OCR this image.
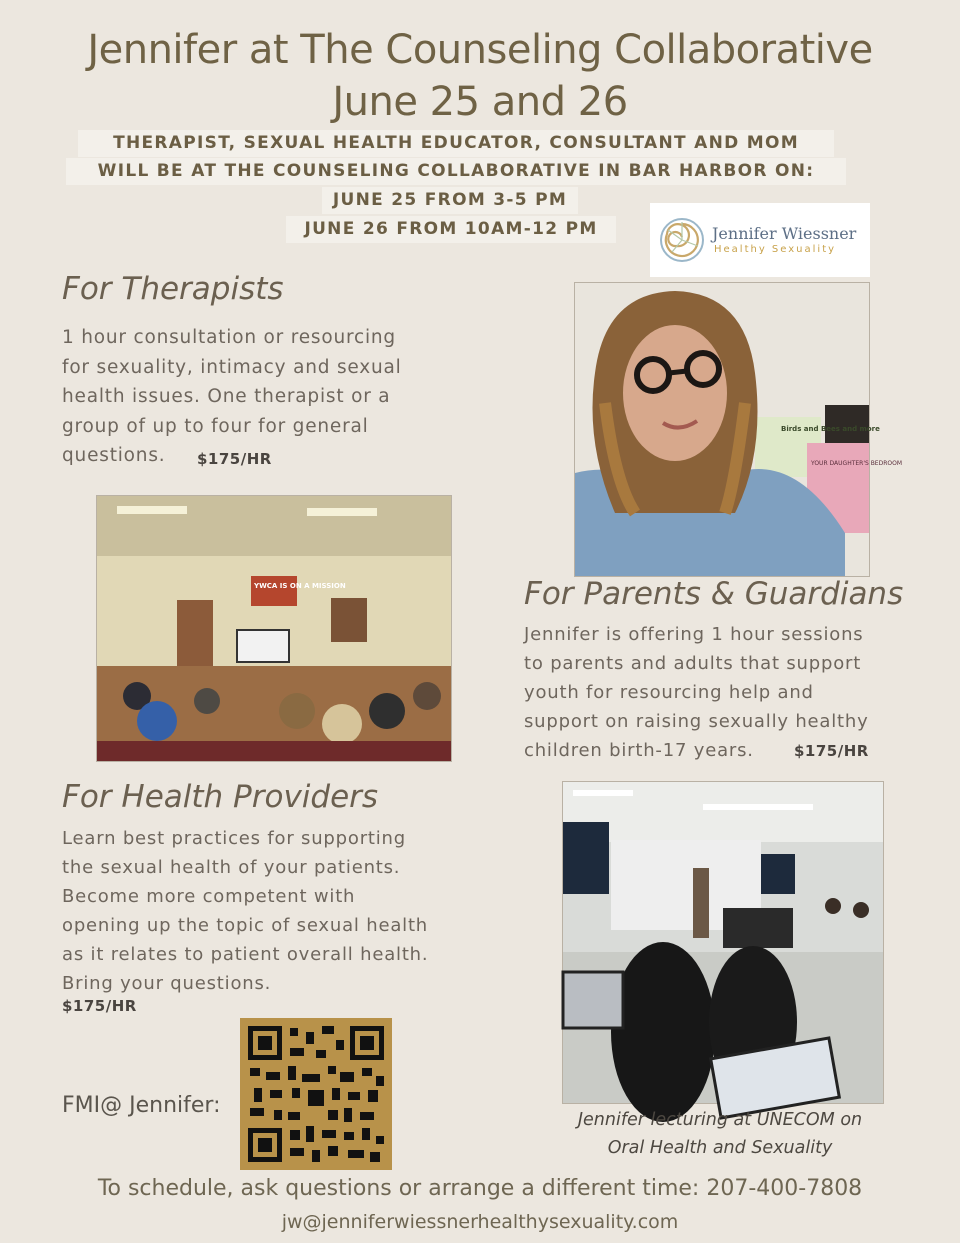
Jennifer at The Counseling Collaborative
June 25 and 26
THERAPIST, SEXUAL HEALTH EDUCATOR, CONSULTANT AND MOM
WILL BE AT THE COUNSELING COLLABORATIVE IN BAR HARBOR ON:
JUNE 25 FROM 3-5 PM
JUNE 26 FROM 10AM-12 PM	Jennifer Wiessner
Healthy Sexuality
For Therapists
1 hour consultation or resourcing
for sexuality, intimacy and sexual
health issues. One therapist or a
group of up to four for general
questions.	$175/HR
Birds and Bees and more
YOUR DAUGHTER'S BEDROOM
YWCA IS ON A MISSION	For Parents & Guardians
Jennifer is offering 1 hour sessions
to parents and adults that support
youth for resourcing help and
support on raising sexually healthy
children birth-17 years.	$175/HR
For Health Providers
Learn best practices for supporting
the sexual health of your patients.
Become more competent with
opening up the topic of sexual health
as it relates to patient overall health.
Bring your questions.
$175/HR
Jennifer lecturing at UNECOM on
Oral Health and Sexuality
FMI@ Jennifer:
To schedule, ask questions or arrange a different time: 207-400-7808
jw@jenniferwiessnerhealthysexuality.com
